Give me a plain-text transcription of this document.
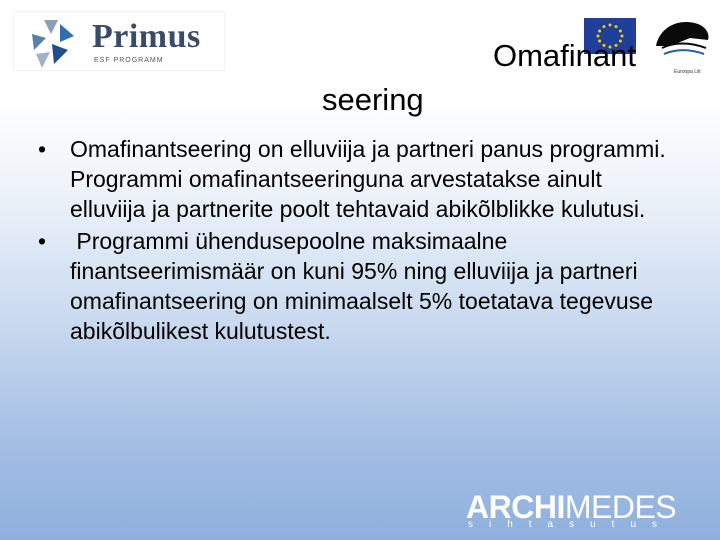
Primus
ESF PROGRAMM
Euroopa Liit
Omafinant
seering
• Omafinantseering on elluviija ja partneri panus programmi. Programmi omafinantseeringuna arvestatakse ainult elluviija ja partnerite poolt tehtavaid abikõlblikke kulutusi.
• Programmi ühendusepoolne maksimaalne finantseerimismäär on kuni 95% ning elluviija ja partneri omafinantseering on minimaalselt 5% toetatava tegevuse  abikõlbulikest kulutustest.
ARCHIMEDES
sihtasutus
